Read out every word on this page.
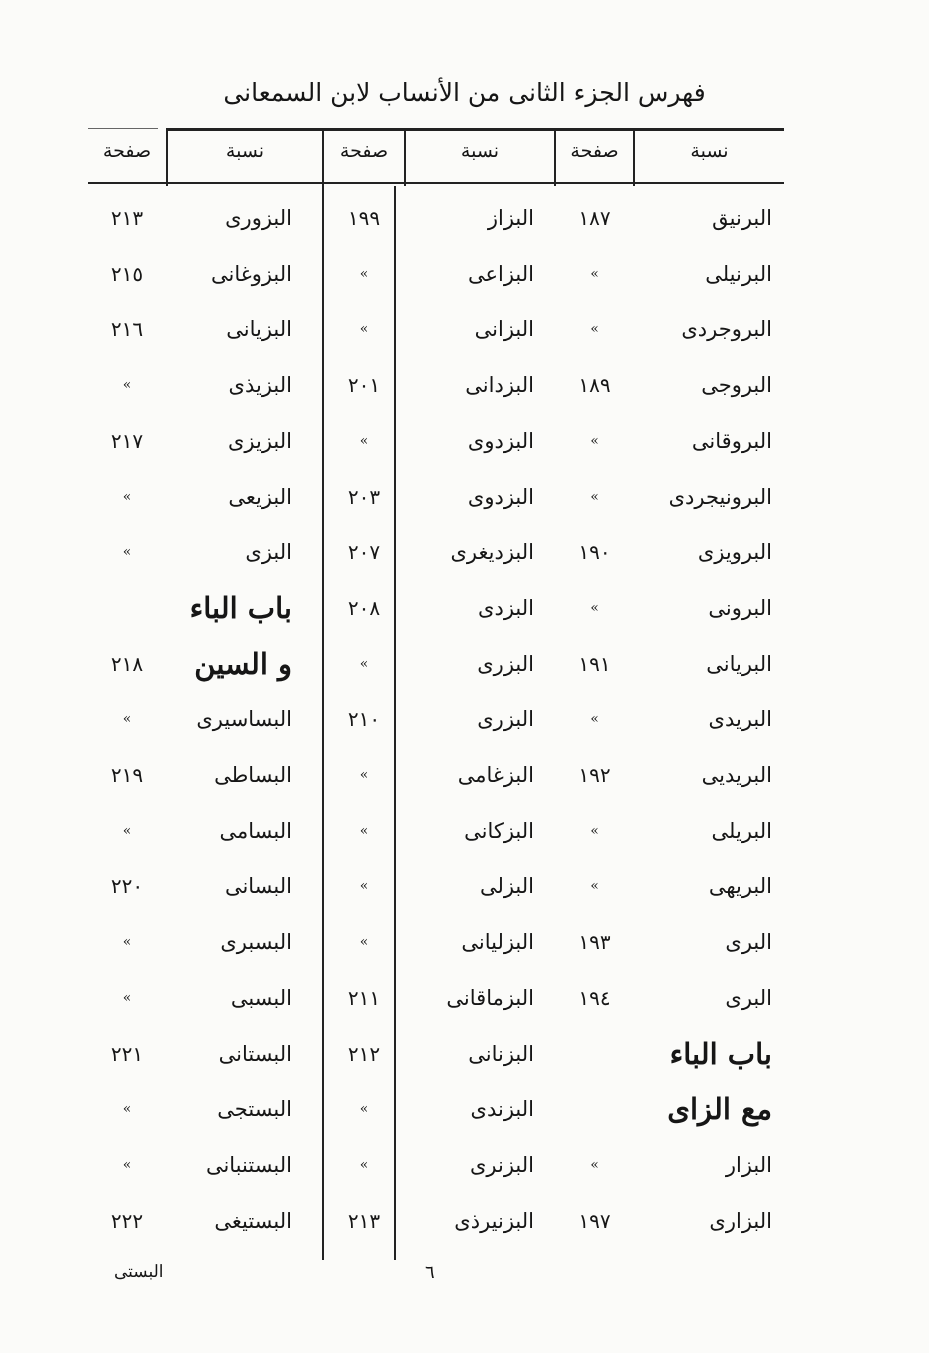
فهرس الجزء الثانى من الأنساب لابن السمعانى
صفحة
٢١٣
٢١٥
٢١٦
»
٢١٧
»
»
٢١٨
»
٢١٩
»
٢٢٠
»
»
٢٢١
»
»
٢٢٢
نسبة
البزورى
البزوغانى
البزيانى
البزيذى
البزيزى
البزيعى
البزى
باب الباء
و السين
البساسيرى
البساطى
البسامى
البسانى
البسبرى
البسبى
البستانى
البستجى
البستنبانى
البستيغى
صفحة
١٩٩
»
»
٢٠١
»
٢٠٣
٢٠٧
٢٠٨
»
٢١٠
»
»
»
»
٢١١
٢١٢
»
»
٢١٣
نسبة
البزاز
البزاعى
البزانى
البزدانى
البزدوى
البزدوى
البزديغرى
البزدى
البزرى
البزرى
البزغامى
البزكانى
البزلى
البزليانى
البزماقانى
البزنانى
البزندى
البزنرى
البزنيرذى
صفحة
١٨٧
»
»
١٨٩
»
»
١٩٠
»
١٩١
»
١٩٢
»
»
١٩٣
١٩٤
»
١٩٧
نسبة
البرنيق
البرنيلى
البروجردى
البروجى
البروقانى
البرونيجردى
البرويزى
البرونى
البريانى
البريدى
البريديى
البريلى
البريهى
البرى
البرى
باب الباء
مع الزاى
البزار
البزارى
٦
البستى
